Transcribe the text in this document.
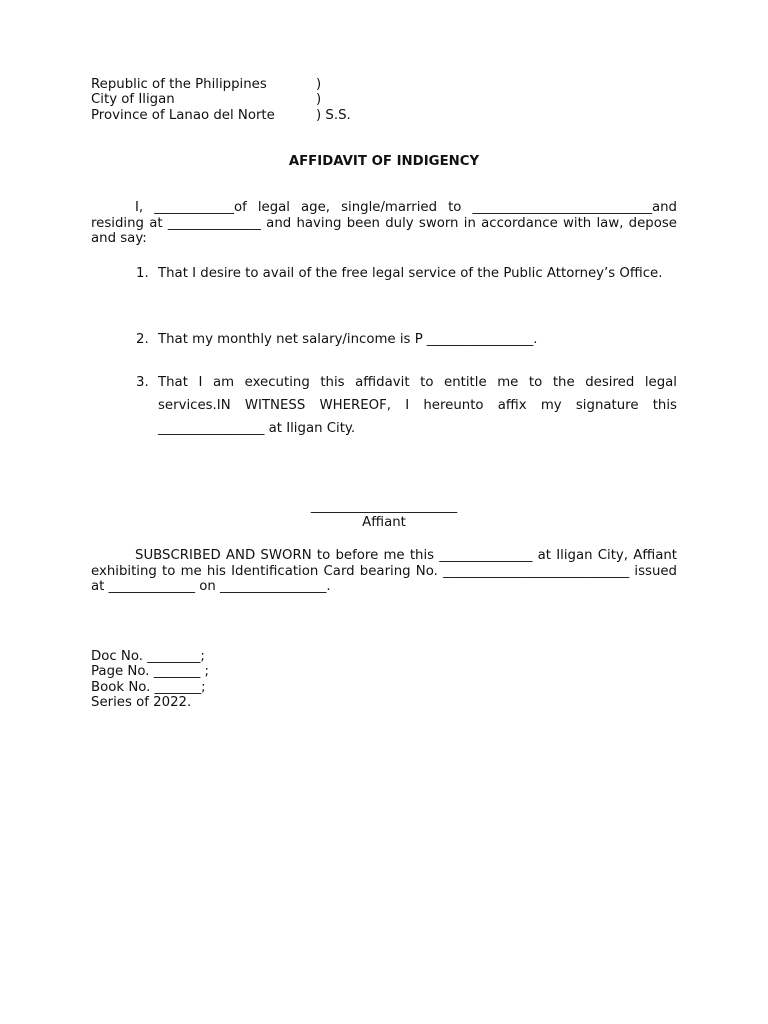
Republic of the Philippines	)
City of Iligan	)
Province of Lanao del Norte	) S.S.
AFFIDAVIT OF INDIGENCY
I, ____________of legal age, single/married to ___________________________and residing at ______________ and having been duly sworn in accordance with law, depose and say:
1. That I desire to avail of the free legal service of the Public Attorney’s Office.
2. That my monthly net salary/income is P ________________.
3. That I am executing this affidavit to entitle me to the desired legal services.IN WITNESS WHEREOF, I hereunto affix my signature this ________________ at Iligan City.
______________________
Affiant
SUBSCRIBED AND SWORN to before me this ______________ at Iligan City, Affiant exhibiting to me his Identification Card bearing No. ____________________________ issued at _____________ on ________________.
Doc No. ________;
Page No. _______ ;
Book No. _______;
Series of 2022.
